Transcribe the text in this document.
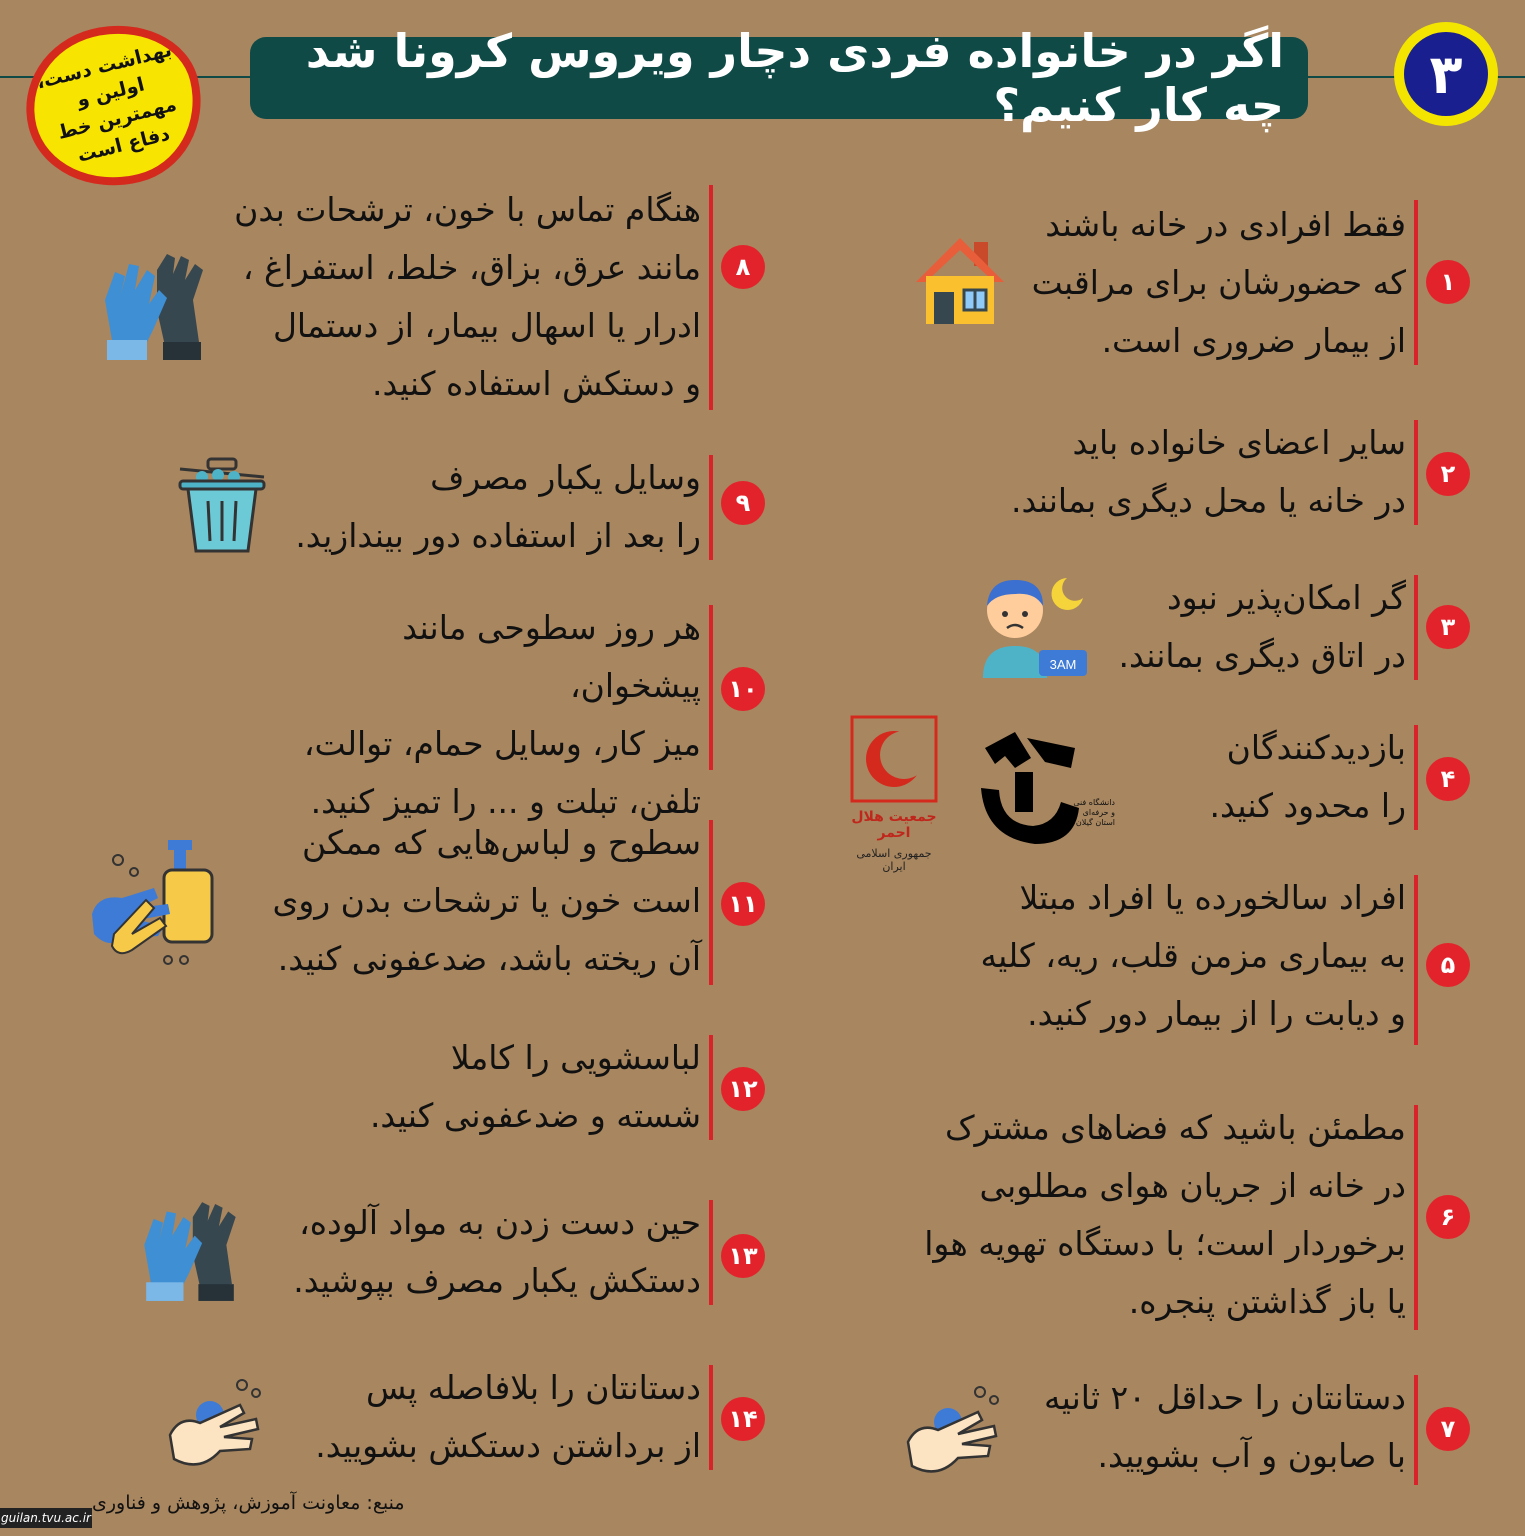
بهداشت دست، اولین و مهمترین خط دفاع است
اگر در خانواده فردی دچار ویروس کرونا شد چه کار کنیم؟	۳
۱
فقط افرادی در خانه باشند
که حضورشان برای مراقبت
از بیمار ضروری است.
۲
سایر اعضای خانواده باید
در خانه یا محل دیگری بمانند.
۳
گر امکان‌پذیر نبود
در اتاق دیگری بمانند.
۴
بازدیدکنندگان
را محدود کنید.
۵
افراد سالخورده یا افراد مبتلا
به بیماری مزمن قلب، ریه، کلیه
و دیابت را از بیمار دور کنید.
۶
مطمئن باشید که فضاهای مشترک
در خانه از جریان هوای مطلوبی
برخوردار است؛ با دستگاه تهویه هوا
یا باز گذاشتن پنجره.
۷
دستانتان را حداقل ۲۰ ثانیه
با صابون و آب بشویید.
۸
هنگام تماس با خون، ترشحات بدن
مانند عرق، بزاق، خلط، استفراغ ،
ادرار یا اسهال بیمار، از دستمال
و دستکش استفاده کنید.
۹
وسایل یکبار مصرف
را بعد از استفاده دور بیندازید.
۱۰
هر روز سطوحی مانند پیشخوان،
میز کار، وسایل حمام، توالت،
تلفن، تبلت و ... را تمیز کنید.
۱۱
سطوح و لباس‌هایی که ممکن
است خون یا ترشحات بدن روی
آن ریخته باشد، ضدعفونی کنید.
۱۲
لباسشویی را کاملا
شسته و ضدعفونی کنید.
۱۳
حین دست زدن به مواد آلوده،
دستکش یکبار مصرف بپوشید.
۱۴
دستانتان را بلافاصله پس
از برداشتن دستکش بشویید.
3AM
جمعیت هلال احمر
جمهوری اسلامی ایران
دانشگاه فنی و حرفه‌ای استان گیلان
منبع: معاونت آموزش، پژوهش و فناوری
guilan.tvu.ac.ir
